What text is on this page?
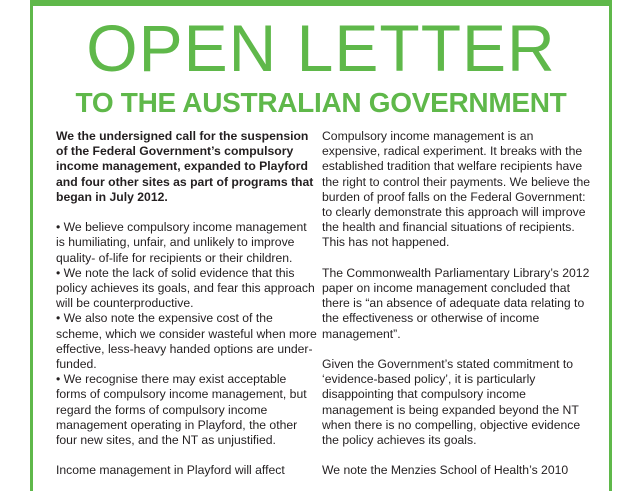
OPEN LETTER
TO THE AUSTRALIAN GOVERNMENT

We the undersigned call for the suspension of the Federal Government’s compulsory income management, expanded to Playford and four other sites as part of programs that began in July 2012.

• We believe compulsory income management is humiliating, unfair, and unlikely to improve quality- of-life for recipients or their children.
• We note the lack of solid evidence that this policy achieves its goals, and fear this approach will be counterproductive.
• We also note the expensive cost of the scheme, which we consider wasteful when more effective, less-heavy handed options are under-funded.
• We recognise there may exist acceptable forms of compulsory income management, but regard the forms of compulsory income management operating in Playford, the other four new sites, and the NT as unjustified.

Income management in Playford will affect

Compulsory income management is an expensive, radical experiment. It breaks with the established tradition that welfare recipients have the right to control their payments. We believe the burden of proof falls on the Federal Government: to clearly demonstrate this approach will improve the health and financial situations of recipients. This has not happened.

The Commonwealth Parliamentary Library’s 2012 paper on income management concluded that there is “an absence of adequate data relating to the effectiveness or otherwise of income management”.

Given the Government’s stated commitment to ‘evidence-based policy’, it is particularly disappointing that compulsory income management is being expanded beyond the NT when there is no compelling, objective evidence the policy achieves its goals.

We note the Menzies School of Health’s 2010
